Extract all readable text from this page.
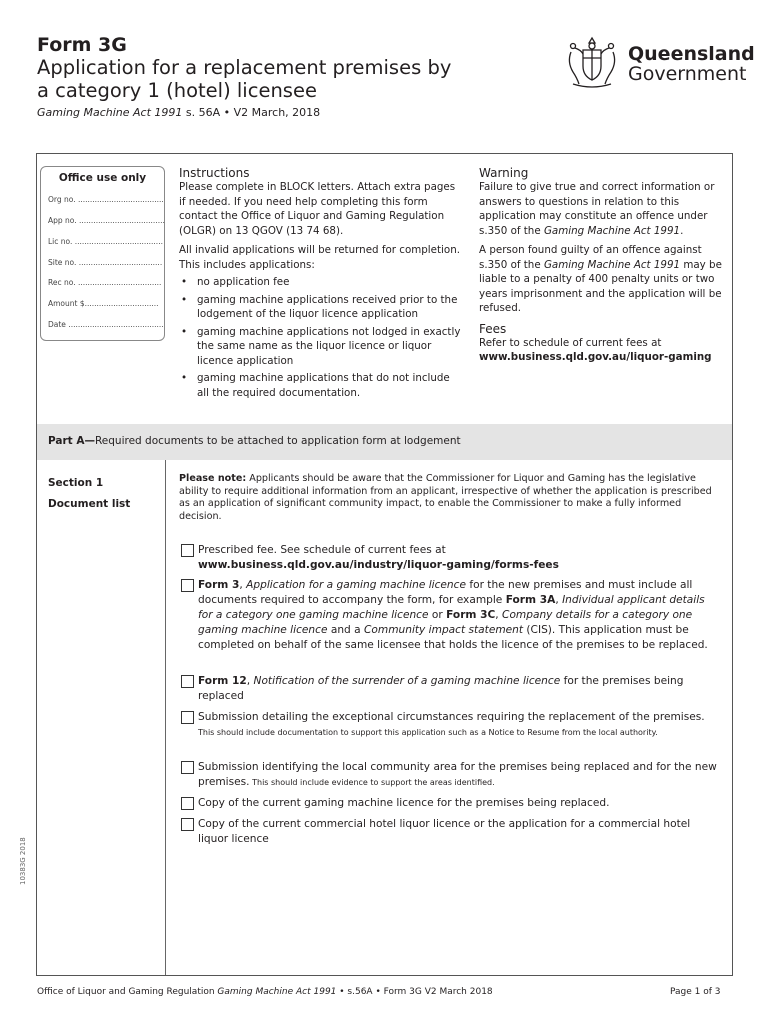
Form 3G
Application for a replacement premises by
a category 1 (hotel) licensee
Gaming Machine Act 1991 s. 56A • V2 March, 2018
Queensland
Government
Office use only
Org no. ....................................
App no. ....................................
Lic no. .....................................
Site no. ...................................
Rec no. ...................................
Amount $...............................
Date ........................................
Instructions

Please complete in BLOCK letters. Attach extra pages if needed. If you need help completing this form contact the Office of Liquor and Gaming Regulation (OLGR) on 13 QGOV (13 74 68).

All invalid applications will be returned for completion. This includes applications:

• no application fee
• gaming machine applications received prior to the lodgement of the liquor licence application
• gaming machine applications not lodged in exactly the same name as the liquor licence or liquor licence application
• gaming machine applications that do not include all the required documentation.
Warning

Failure to give true and correct information or answers to questions in relation to this application may constitute an offence under s.350 of the Gaming Machine Act 1991.

A person found guilty of an offence against s.350 of the Gaming Machine Act 1991 may be liable to a penalty of 400 penalty units or two years imprisonment and the application will be refused.

Fees

Refer to schedule of current fees at

www.business.qld.gov.au/liquor-gaming

Part A—Required documents to be attached to application form at lodgement
Section 1
Document list
Please note: Applicants should be aware that the Commissioner for Liquor and Gaming has the legislative ability to require additional information from an applicant, irrespective of whether the application is prescribed as an application of significant community impact, to enable the Commissioner to make a fully informed decision.
Prescribed fee. See schedule of current fees at
www.business.qld.gov.au/industry/liquor-gaming/forms-fees
Form 3, Application for a gaming machine licence for the new premises and must include all documents required to accompany the form, for example Form 3A, Individual applicant details for a category one gaming machine licence or Form 3C, Company details for a category one gaming machine licence and a Community impact statement (CIS). This application must be completed on behalf of the same licensee that holds the licence of the premises to be replaced.
Form 12, Notification of the surrender of a gaming machine licence for the premises being replaced
Submission detailing the exceptional circumstances requiring the replacement of the premises. This should include documentation to support this application such as a Notice to Resume from the local authority.
Submission identifying the local community area for the premises being replaced and for the new premises. This should include evidence to support the areas identified.
Copy of the current gaming machine licence for the premises being replaced.
Copy of the current commercial hotel liquor licence or the application for a commercial hotel liquor licence
10383G 2018
Office of Liquor and Gaming Regulation Gaming Machine Act 1991 • s.56A • Form 3G V2 March 2018	Page 1 of 3
